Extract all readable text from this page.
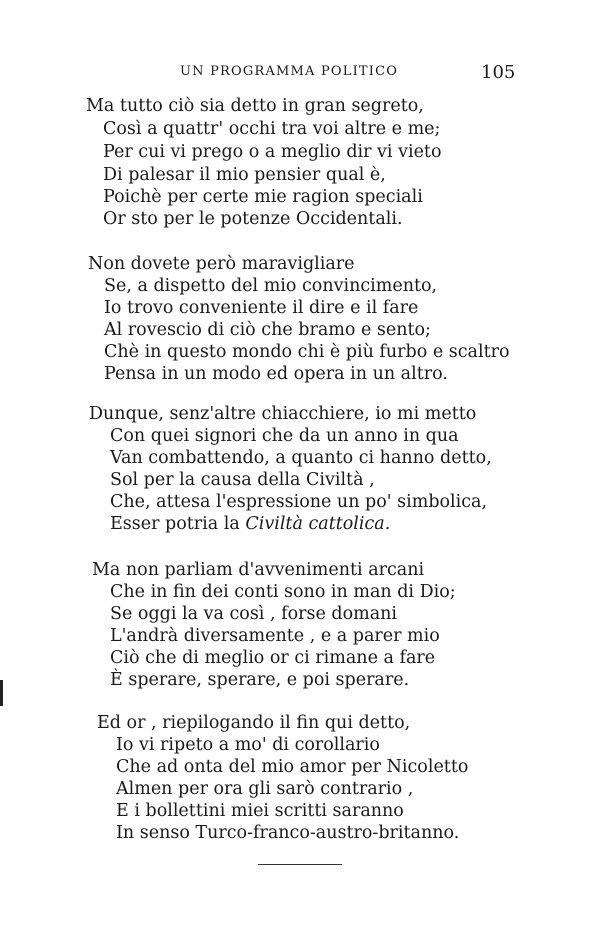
UN PROGRAMMA POLITICO	105
Ma tutto ciò sia detto in gran segreto,
Così a quattr' occhi tra voi altre e me;
Per cui vi prego o a meglio dir vi vieto
Di palesar il mio pensier qual è,
Poichè per certe mie ragion speciali
Or sto per le potenze Occidentali.
Non dovete però maravigliare
Se, a dispetto del mio convincimento,
Io trovo conveniente il dire e il fare
Al rovescio di ciò che bramo e sento;
Chè in questo mondo chi è più furbo e scaltro
Pensa in un modo ed opera in un altro.
Dunque, senz'altre chiacchiere, io mi metto
Con quei signori che da un anno in qua
Van combattendo, a quanto ci hanno detto,
Sol per la causa della Civiltà ,
Che, attesa l'espressione un po' simbolica,
Esser potria la Civiltà cattolica.
Ma non parliam d'avvenimenti arcani
Che in fin dei conti sono in man di Dio;
Se oggi la va così , forse domani
L'andrà diversamente , e a parer mio
Ciò che di meglio or ci rimane a fare
È sperare, sperare, e poi sperare.
Ed or , riepilogando il fin qui detto,
Io vi ripeto a mo' di corollario
Che ad onta del mio amor per Nicoletto
Almen per ora gli sarò contrario ,
E i bollettini miei scritti saranno
In senso Turco-franco-austro-britanno.
